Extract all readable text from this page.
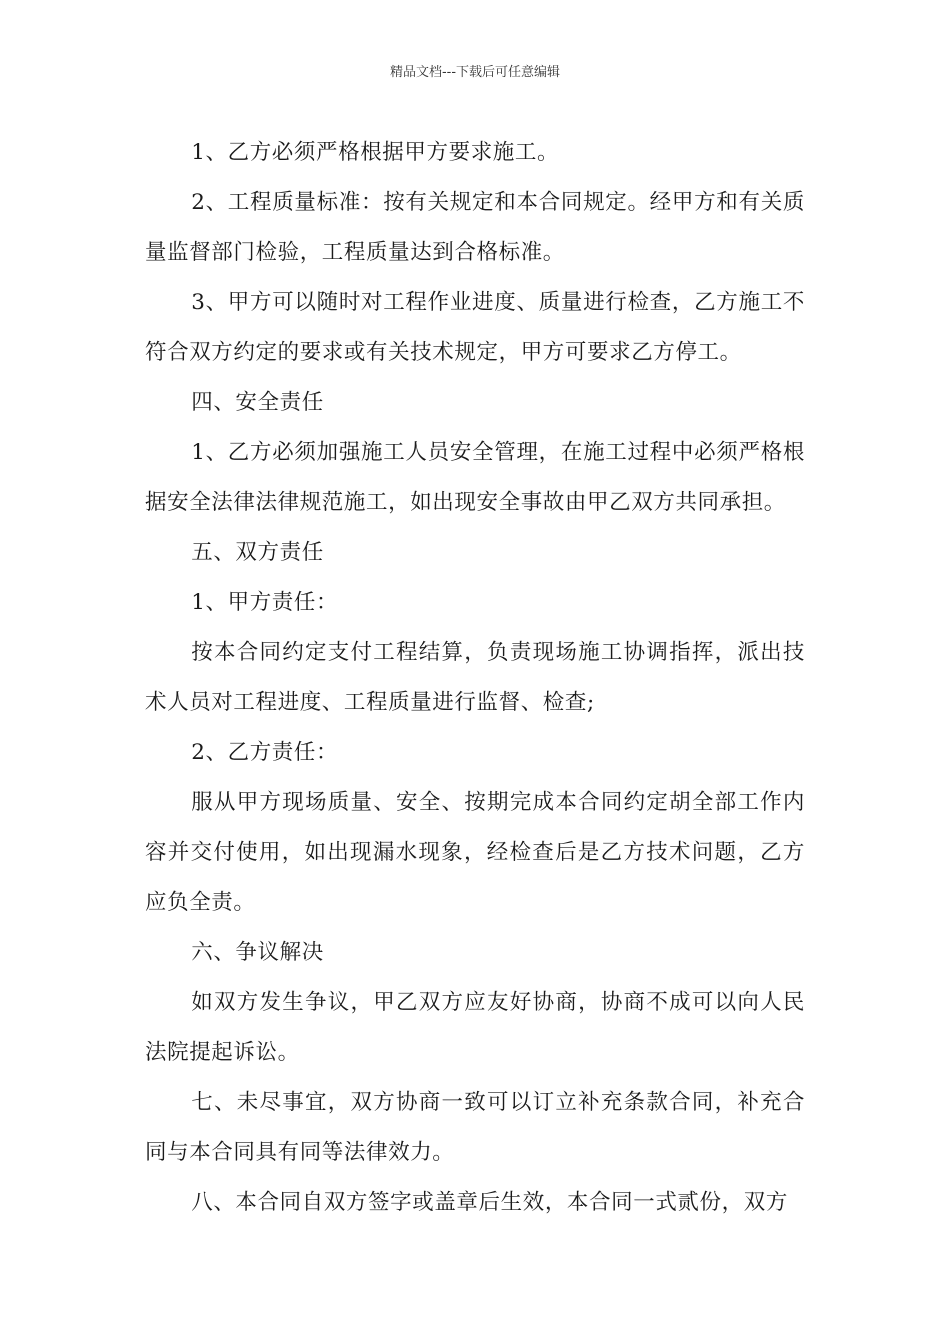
精品文档---下载后可任意编辑

1、乙方必须严格根据甲方要求施工。

2、工程质量标准：按有关规定和本合同规定。经甲方和有关质量监督部门检验，工程质量达到合格标准。

3、甲方可以随时对工程作业进度、质量进行检查，乙方施工不符合双方约定的要求或有关技术规定，甲方可要求乙方停工。

四、安全责任

1、乙方必须加强施工人员安全管理，在施工过程中必须严格根据安全法律法律规范施工，如出现安全事故由甲乙双方共同承担。

五、双方责任

1、甲方责任：

按本合同约定支付工程结算，负责现场施工协调指挥，派出技术人员对工程进度、工程质量进行监督、检查;

2、乙方责任：

服从甲方现场质量、安全、按期完成本合同约定胡全部工作内容并交付使用，如出现漏水现象，经检查后是乙方技术问题，乙方应负全责。

六、争议解决

如双方发生争议，甲乙双方应友好协商，协商不成可以向人民法院提起诉讼。

七、未尽事宜，双方协商一致可以订立补充条款合同，补充合同与本合同具有同等法律效力。

八、本合同自双方签字或盖章后生效，本合同一式贰份，双方
